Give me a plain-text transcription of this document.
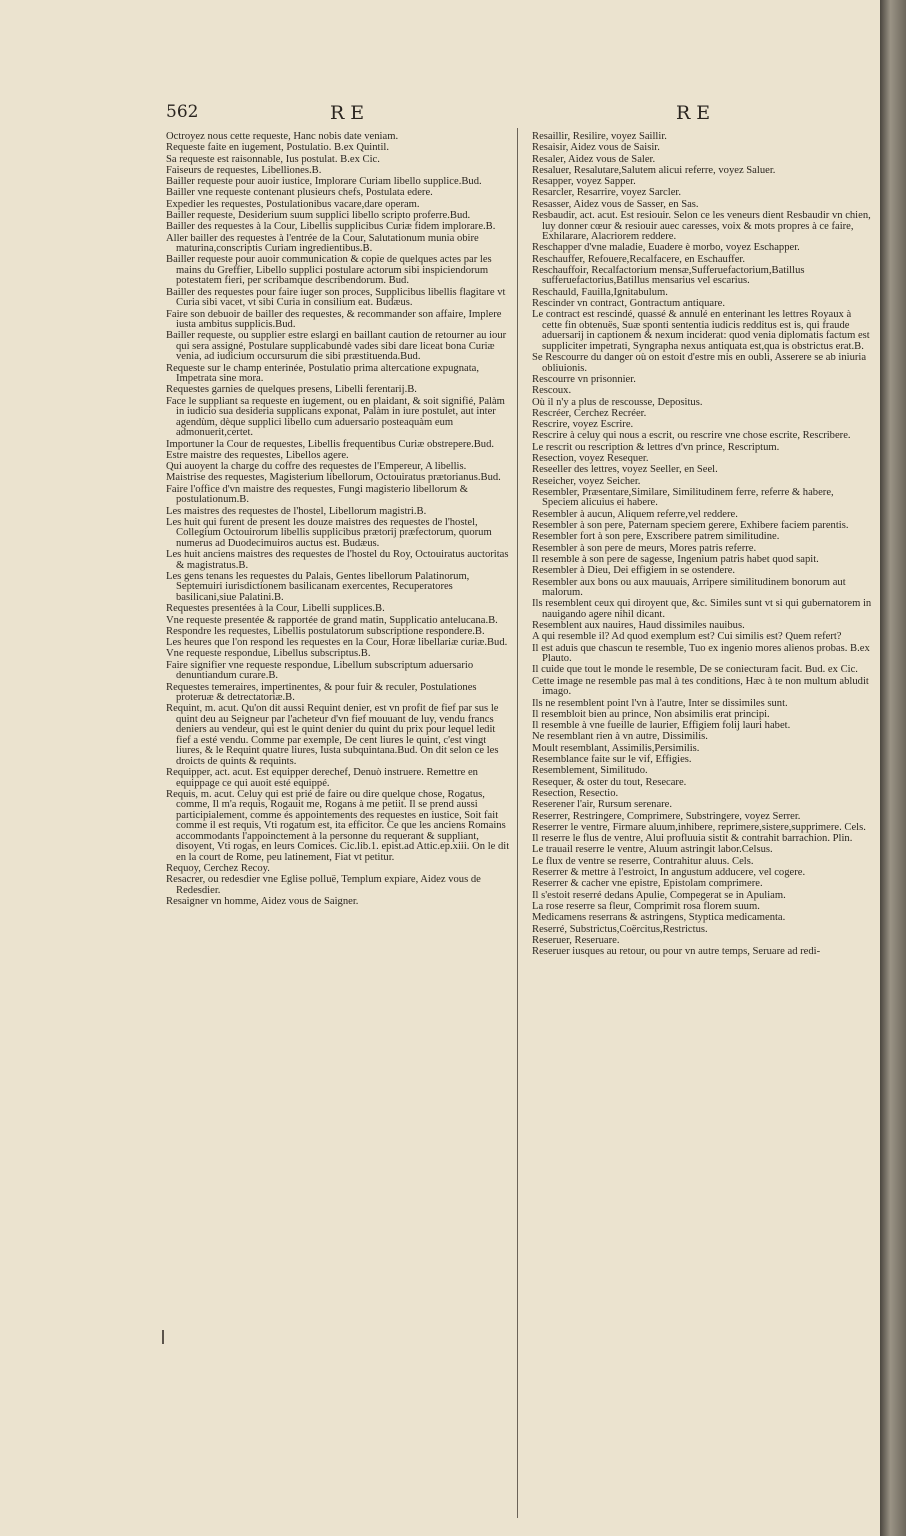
562	RE	RE
Octroyez nous cette requeste, Hanc nobis date veniam.
Requeste faite en iugement, Postulatio. B.ex Quintil.
Sa requeste est raisonnable, Ius postulat. B.ex Cic.
Faiseurs de requestes, Libelliones.B.
Bailler requeste pour auoir iustice, Implorare Curiam libello supplice.Bud.
Bailler vne requeste contenant plusieurs chefs, Postulata edere.
Expedier les requestes, Postulationibus vacare,dare operam.
Bailler requeste, Desiderium suum supplici libello scripto proferre.Bud.
Bailler des requestes à la Cour, Libellis supplicibus Curiæ fidem implorare.B.
Aller bailler des requestes à l'entrée de la Cour, Salutationum munia obire maturina,conscriptis Curiam ingredientibus.B.
Bailler requeste pour auoir communication & copie de quelques actes par les mains du Greffier, Libello supplici postulare actorum sibi inspiciendorum potestatem fieri, per scribamque describendorum. Bud.
Bailler des requestes pour faire iuger son proces, Supplicibus libellis flagitare vt Curia sibi vacet, vt sibi Curia in consilium eat. Budæus.
Faire son debuoir de bailler des requestes, & recommander son affaire, Implere iusta ambitus supplicis.Bud.
Bailler requeste, ou supplier estre eslargi en baillant caution de retourner au iour qui sera assigné, Postulare supplicabundè vades sibi dare liceat bona Curiæ venia, ad iudicium occursurum die sibi præstituenda.Bud.
Requeste sur le champ enterinée, Postulatio prima altercatione expugnata, Impetrata sine mora.
Requestes garnies de quelques presens, Libelli ferentarij.B.
Face le suppliant sa requeste en iugement, ou en plaidant, & soit signifié, Palàm in iudicio sua desideria supplicans exponat, Palàm in iure postulet, aut inter agendùm, dèque supplici libello cum aduersario posteaquàm eum admonuerit,certet.
Importuner la Cour de requestes, Libellis frequentibus Curiæ obstrepere.Bud.
Estre maistre des requestes, Libellos agere.
Qui auoyent la charge du coffre des requestes de l'Empereur, A libellis.
Maistrise des requestes, Magisterium libellorum, Octouiratus prætorianus.Bud.
Faire l'office d'vn maistre des requestes, Fungi magisterio libellorum & postulationum.B.
Les maistres des requestes de l'hostel, Libellorum magistri.B.
Les huit qui furent de present les douze maistres des requestes de l'hostel, Collegium Octouirorum libellis supplicibus prætorij præfectorum, quorum numerus ad Duodecimuiros auctus est. Budæus.
Les huit anciens maistres des requestes de l'hostel du Roy, Octouiratus auctoritas & magistratus.B.
Les gens tenans les requestes du Palais, Gentes libellorum Palatinorum, Septemuiri iurisdictionem basilicanam exercentes, Recuperatores basilicani,siue Palatini.B.
Requestes presentées à la Cour, Libelli supplices.B.
Vne requeste presentée & rapportée de grand matin, Supplicatio antelucana.B.
Respondre les requestes, Libellis postulatorum subscriptione respondere.B.
Les heures que l'on respond les requestes en la Cour, Horæ libellariæ curiæ.Bud.
Vne requeste respondue, Libellus subscriptus.B.
Faire signifier vne requeste respondue, Libellum subscriptum aduersario denuntiandum curare.B.
Requestes temeraires, impertinentes, & pour fuir & reculer, Postulationes proteruæ & detrectatoriæ.B.
Requint, m. acut. Qu'on dit aussi Requint denier, est vn profit de fief par sus le quint deu au Seigneur par l'acheteur d'vn fief mouuant de luy, vendu francs deniers au vendeur, qui est le quint denier du quint du prix pour lequel ledit fief a esté vendu. Comme par exemple, De cent liures le quint, c'est vingt liures, & le Requint quatre liures, Iusta subquintana.Bud. On dit selon ce les droicts de quints & requints.
Requipper, act. acut. Est equipper derechef, Denuò instruere. Remettre en equippage ce qui auoit esté equippé.
Requis, m. acut. Celuy qui est prié de faire ou dire quelque chose, Rogatus, comme, Il m'a requis, Rogauit me, Rogans à me petiit. Il se prend aussi participialement, comme és appointements des requestes en iustice, Soit fait comme il est requis, Vti rogatum est, ita efficitor. Ce que les anciens Romains accommodants l'appoinctement à la personne du requerant & suppliant, disoyent, Vti rogas, en leurs Comices. Cic.lib.1. epist.ad Attic.ep.xiii. On le dit en la court de Rome, peu latinement, Fiat vt petitur.
Requoy, Cerchez Recoy.
Resacrer, ou redesdier vne Eglise polluë, Templum expiare, Aidez vous de Redesdier.
Resaigner vn homme, Aidez vous de Saigner.
Resaillir, Resilire, voyez Saillir.
Resaisir, Aidez vous de Saisir.
Resaler, Aidez vous de Saler.
Resaluer, Resalutare,Salutem alicui referre, voyez Saluer.
Resapper, voyez Sapper.
Resarcler, Resarrire, voyez Sarcler.
Resasser, Aidez vous de Sasser, en Sas.
Resbaudir, act. acut. Est resiouir. Selon ce les veneurs dient Resbaudir vn chien, luy donner cœur & resiouir auec caresses, voix & mots propres à ce faire, Exhilarare, Alacriorem reddere.
Reschapper d'vne maladie, Euadere è morbo, voyez Eschapper.
Reschauffer, Refouere,Recalfacere, en Eschauffer.
Reschauffoir, Recalfactorium mensæ,Sufferuefactorium,Batillus sufferuefactorius,Batillus mensarius vel escarius.
Reschauld, Fauilla,Ignitabulum.
Rescinder vn contract, Gontractum antiquare.
Le contract est rescindé, quassé & annulé en enterinant les lettres Royaux à cette fin obtenuës, Suæ sponti sententia iudicis redditus est is, qui fraude aduersarij in captionem & nexum inciderat: quod venia diplomatis factum est suppliciter impetrati, Syngrapha nexus antiquata est,qua is obstrictus erat.B.
Se Rescourre du danger où on estoit d'estre mis en oubli, Asserere se ab iniuria obliuionis.
Rescourre vn prisonnier.
Rescoux.
Où il n'y a plus de rescousse, Depositus.
Rescréer, Cerchez Recréer.
Rescrire, voyez Escrire.
Rescrire à celuy qui nous a escrit, ou rescrire vne chose escrite, Rescribere.
Le rescrit ou rescription & lettres d'vn prince, Rescriptum.
Resection, voyez Resequer.
Reseeller des lettres, voyez Seeller, en Seel.
Reseicher, voyez Seicher.
Resembler, Præsentare,Similare, Similitudinem ferre, referre & habere, Speciem alicuius ei habere.
Resembler à aucun, Aliquem referre,vel reddere.
Resembler à son pere, Paternam speciem gerere, Exhibere faciem parentis.
Resembler fort à son pere, Exscribere patrem similitudine.
Resembler à son pere de meurs, Mores patris referre.
Il resemble à son pere de sagesse, Ingenium patris habet quod sapit.
Resembler à Dieu, Dei effigiem in se ostendere.
Resembler aux bons ou aux mauuais, Arripere similitudinem bonorum aut malorum.
Ils resemblent ceux qui diroyent que, &c. Similes sunt vt si qui gubernatorem in nauigando agere nihil dicant.
Resemblent aux nauires, Haud dissimiles nauibus.
A qui resemble il? Ad quod exemplum est? Cui similis est? Quem refert?
Il est aduis que chascun te resemble, Tuo ex ingenio mores alienos probas. B.ex Plauto.
Il cuide que tout le monde le resemble, De se coniecturam facit. Bud. ex Cic.
Cette image ne resemble pas mal à tes conditions, Hæc à te non multum abludit imago.
Ils ne resemblent point l'vn à l'autre, Inter se dissimiles sunt.
Il resembloit bien au prince, Non absimilis erat principi.
Il resemble à vne fueille de laurier, Effigiem folij lauri habet.
Ne resemblant rien à vn autre, Dissimilis.
Moult resemblant, Assimilis,Persimilis.
Resemblance faite sur le vif, Effigies.
Resemblement, Similitudo.
Resequer, & oster du tout, Resecare.
Resection, Resectio.
Reserener l'air, Rursum serenare.
Reserrer, Restringere, Comprimere, Substringere, voyez Serrer.
Reserrer le ventre, Firmare aluum,inhibere, reprimere,sistere,supprimere. Cels.
Il reserre le flus de ventre, Alui profluuia sistit & contrahit barrachion. Plin.
Le trauail reserre le ventre, Aluum astringit labor.Celsus.
Le flux de ventre se reserre, Contrahitur aluus. Cels.
Reserrer & mettre à l'estroict, In angustum adducere, vel cogere.
Reserrer & cacher vne epistre, Epistolam comprimere.
Il s'estoit reserré dedans Apulie, Compegerat se in Apuliam.
La rose reserre sa fleur, Comprimit rosa florem suum.
Medicamens reserrans & astringens, Styptica medicamenta.
Reserré, Substrictus,Coërcitus,Restrictus.
Reseruer, Reseruare.
Reseruer iusques au retour, ou pour vn autre temps, Seruare ad redi-
